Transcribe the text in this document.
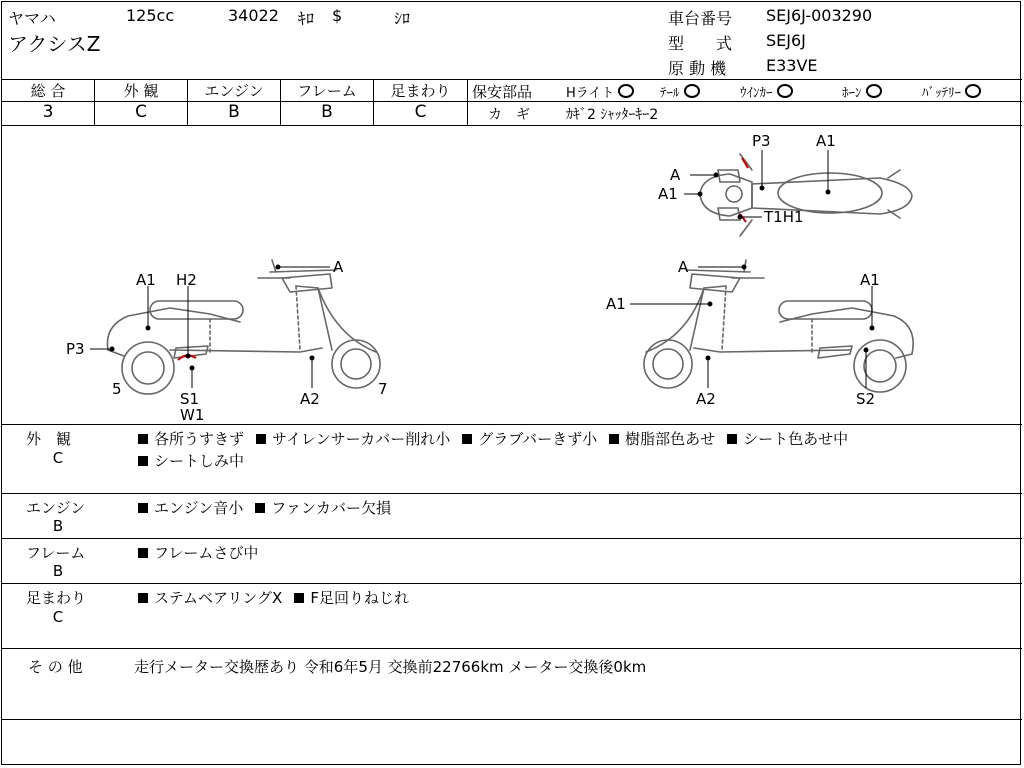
ヤマハ	125cc	34022 ｷﾛ $	ｼﾛ
アクシスZ
車台番号 SEJ6J-003290
型　　式 SEJ6J
原 動 機 E33VE
総 合	外 観	エンジン	フレーム	足まわり
3	C	B	B	C
保安部品	Hライト	ﾃｰﾙ	ｳｲﾝｶｰ	ﾎｰﾝ	ﾊﾞｯﾃﾘｰ
カ　ギ	ｶｷﾞ2 ｼｬｯﾀｰｷｰ2
A1 H2
A
P3
5
S1
W1
A2
7
A
A1
A1
A2	S2
A
A1
P3	A1
T1H1
外　観
C
各所うすきず サイレンサーカバー削れ小 グラブバーきず小 樹脂部色あせ シート色あせ中
シートしみ中
エンジン
B
エンジン音小 ファンカバー欠損
フレーム
B
フレームさび中
足まわり
C
ステムベアリングX F足回りねじれ
そ の 他	走行メーター交換歴あり 令和6年5月 交換前22766km メーター交換後0km
